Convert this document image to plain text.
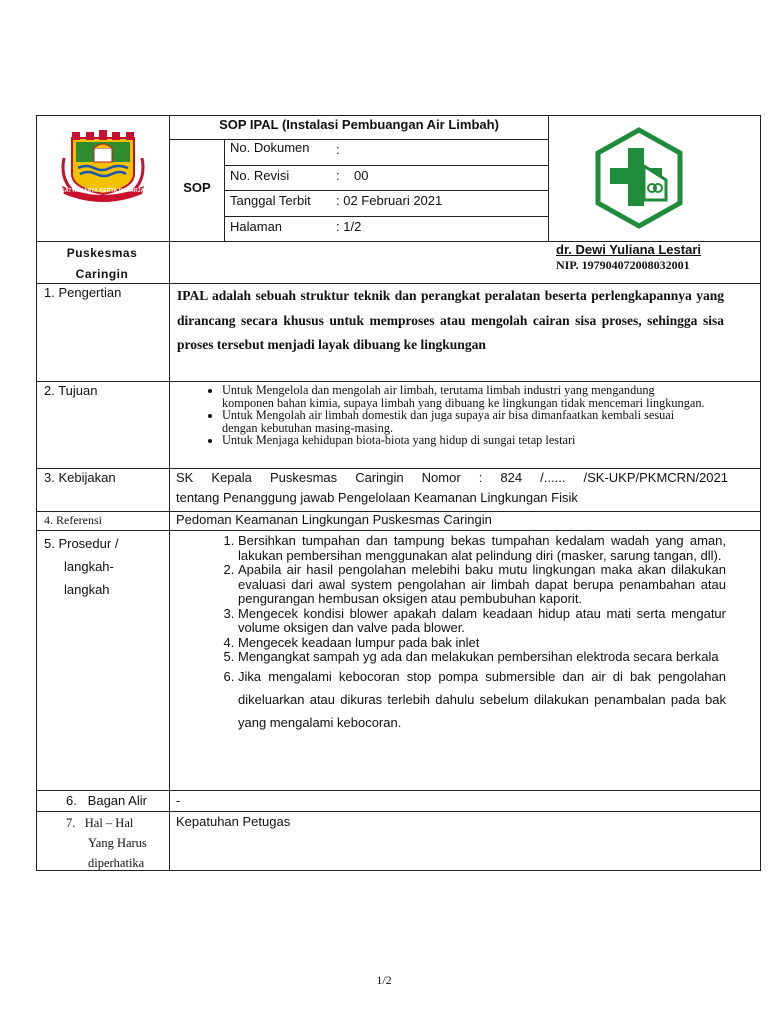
SATYA KARYA KERTA RAHARJA
SOP IPAL (Instalasi Pembuangan Air Limbah)
SOP
No. Dokumen :
No. Revisi	:    00
Tanggal Terbit : 02 Februari 2021
Halaman	: 1/2
Puskesmas Caringin
dr. Dewi Yuliana Lestari
NIP. 197904072008032001
1. Pengertian	IPAL adalah sebuah struktur teknik dan perangkat peralatan beserta perlengkapannya yang dirancang secara khusus untuk memproses atau mengolah cairan sisa proses, sehingga sisa proses tersebut menjadi layak dibuang ke lingkungan
2. Tujuan
•	Untuk Mengelola dan mengolah air limbah, terutama limbah industri yang mengandung komponen bahan kimia, supaya limbah yang dibuang ke lingkungan tidak mencemari lingkungan.
• Untuk Mengolah air limbah domestik dan juga supaya air bisa dimanfaatkan kembali sesuai dengan kebutuhan masing-masing.
• Untuk Menjaga kehidupan biota-biota yang hidup di sungai tetap lestari
3. Kebijakan	SK Kepala Puskesmas Caringin Nomor : 824 /...... /SK-UKP/PKMCRN/2021
tentang Penanggung jawab Pengelolaan Keamanan Lingkungan Fisik
4. Referensi	Pedoman Keamanan Lingkungan Puskesmas Caringin
5. Prosedur /
langkah-
langkah
1. Bersihkan tumpahan dan tampung bekas tumpahan kedalam wadah yang aman, lakukan pembersihan menggunakan alat pelindung diri (masker, sarung tangan, dll).
2. Apabila air hasil pengolahan melebihi baku mutu lingkungan maka akan dilakukan evaluasi dari awal system pengolahan air limbah dapat berupa penambahan atau pengurangan hembusan oksigen atau pembubuhan kaporit.
3. Mengecek kondisi blower apakah dalam keadaan hidup atau mati serta mengatur volume oksigen dan valve pada blower.
4. Mengecek keadaan lumpur pada bak inlet
5. Mengangkat sampah yg ada dan melakukan pembersihan elektroda secara berkala
6. Jika mengalami kebocoran stop pompa submersible dan air di bak pengolahan dikeluarkan atau dikuras terlebih dahulu sebelum dilakukan penambalan pada bak yang mengalami kebocoran.
6.   Bagan Alir -
7.   Hal – Hal
Yang Harus
diperhatika
Kepatuhan Petugas
1/2
